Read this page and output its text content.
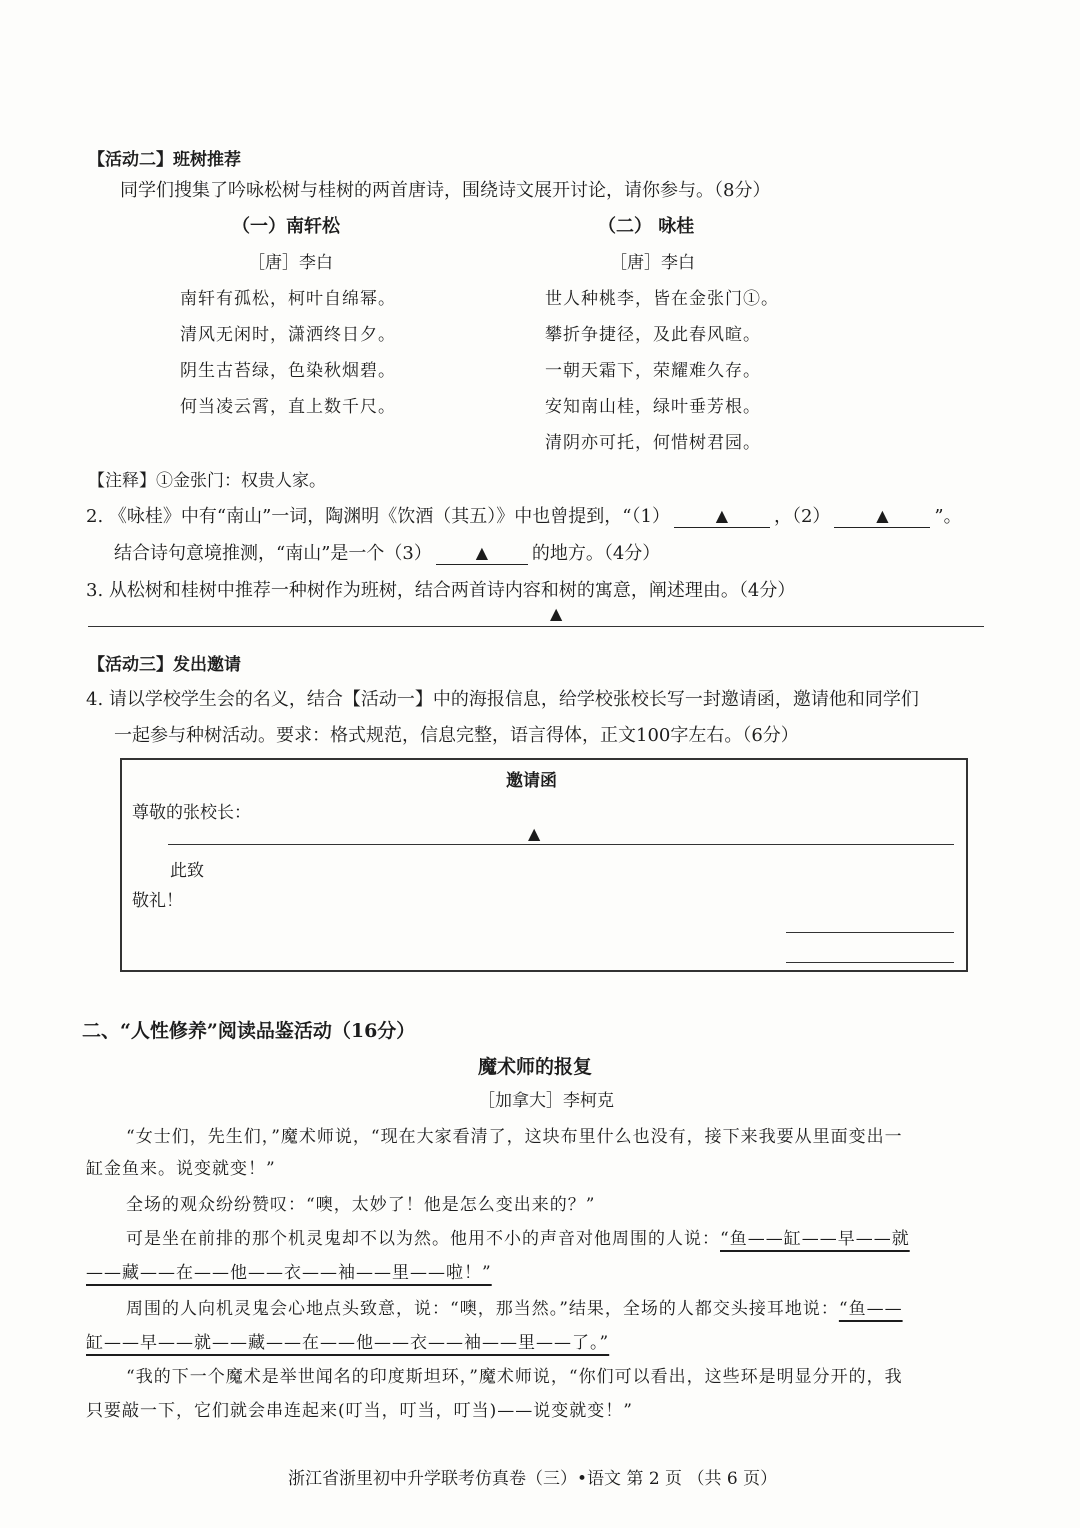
【活动二】班树推荐
同学们搜集了吟咏松树与桂树的两首唐诗，围绕诗文展开讨论，请你参与。（8分）
（一）南轩松
［唐］李白
南轩有孤松，柯叶自绵幂。
清风无闲时，潇洒终日夕。
阴生古苔绿，色染秋烟碧。
何当凌云霄，直上数千尺。
（二） 咏桂
［唐］李白
世人种桃李，皆在金张门①。
攀折争捷径，及此春风暄。
一朝天霜下，荣耀难久存。
安知南山桂，绿叶垂芳根。
清阴亦可托，何惜树君园。
【注释】①金张门：权贵人家。
2. 《咏桂》中有“南山”一词，陶渊明《饮酒（其五）》中也曾提到，“（1）	▲	，（2）	▲	”。
结合诗句意境推测，“南山”是一个（3）	▲ 的地方。（4分）
3. 从松树和桂树中推荐一种树作为班树，结合两首诗内容和树的寓意，阐述理由。（4分）
▲
【活动三】发出邀请
4. 请以学校学生会的名义，结合【活动一】中的海报信息，给学校张校长写一封邀请函，邀请他和同学们
一起参与种树活动。要求：格式规范，信息完整，语言得体，正文100字左右。（6分）
邀请函
尊敬的张校长：
▲
此致
敬礼！
二、“人性修养”阅读品鉴活动（16分）
魔术师的报复
［加拿大］李柯克
“女士们，先生们，”魔术师说，“现在大家看清了，这块布里什么也没有，接下来我要从里面变出一
缸金鱼来。说变就变！”
全场的观众纷纷赞叹：“噢，太妙了！他是怎么变出来的？”
可是坐在前排的那个机灵鬼却不以为然。他用不小的声音对他周围的人说：“鱼——缸——早——就
——藏——在——他——衣——袖——里——啦！”
周围的人向机灵鬼会心地点头致意，说：“噢，那当然。”结果，全场的人都交头接耳地说：“鱼——
缸——早——就——藏——在——他——衣——袖——里——了。”
“我的下一个魔术是举世闻名的印度斯坦环，”魔术师说，“你们可以看出，这些环是明显分开的，我
只要敲一下，它们就会串连起来(叮当，叮当，叮当)——说变就变！”
浙江省浙里初中升学联考仿真卷（三）•语文 第 2 页 （共 6 页）
